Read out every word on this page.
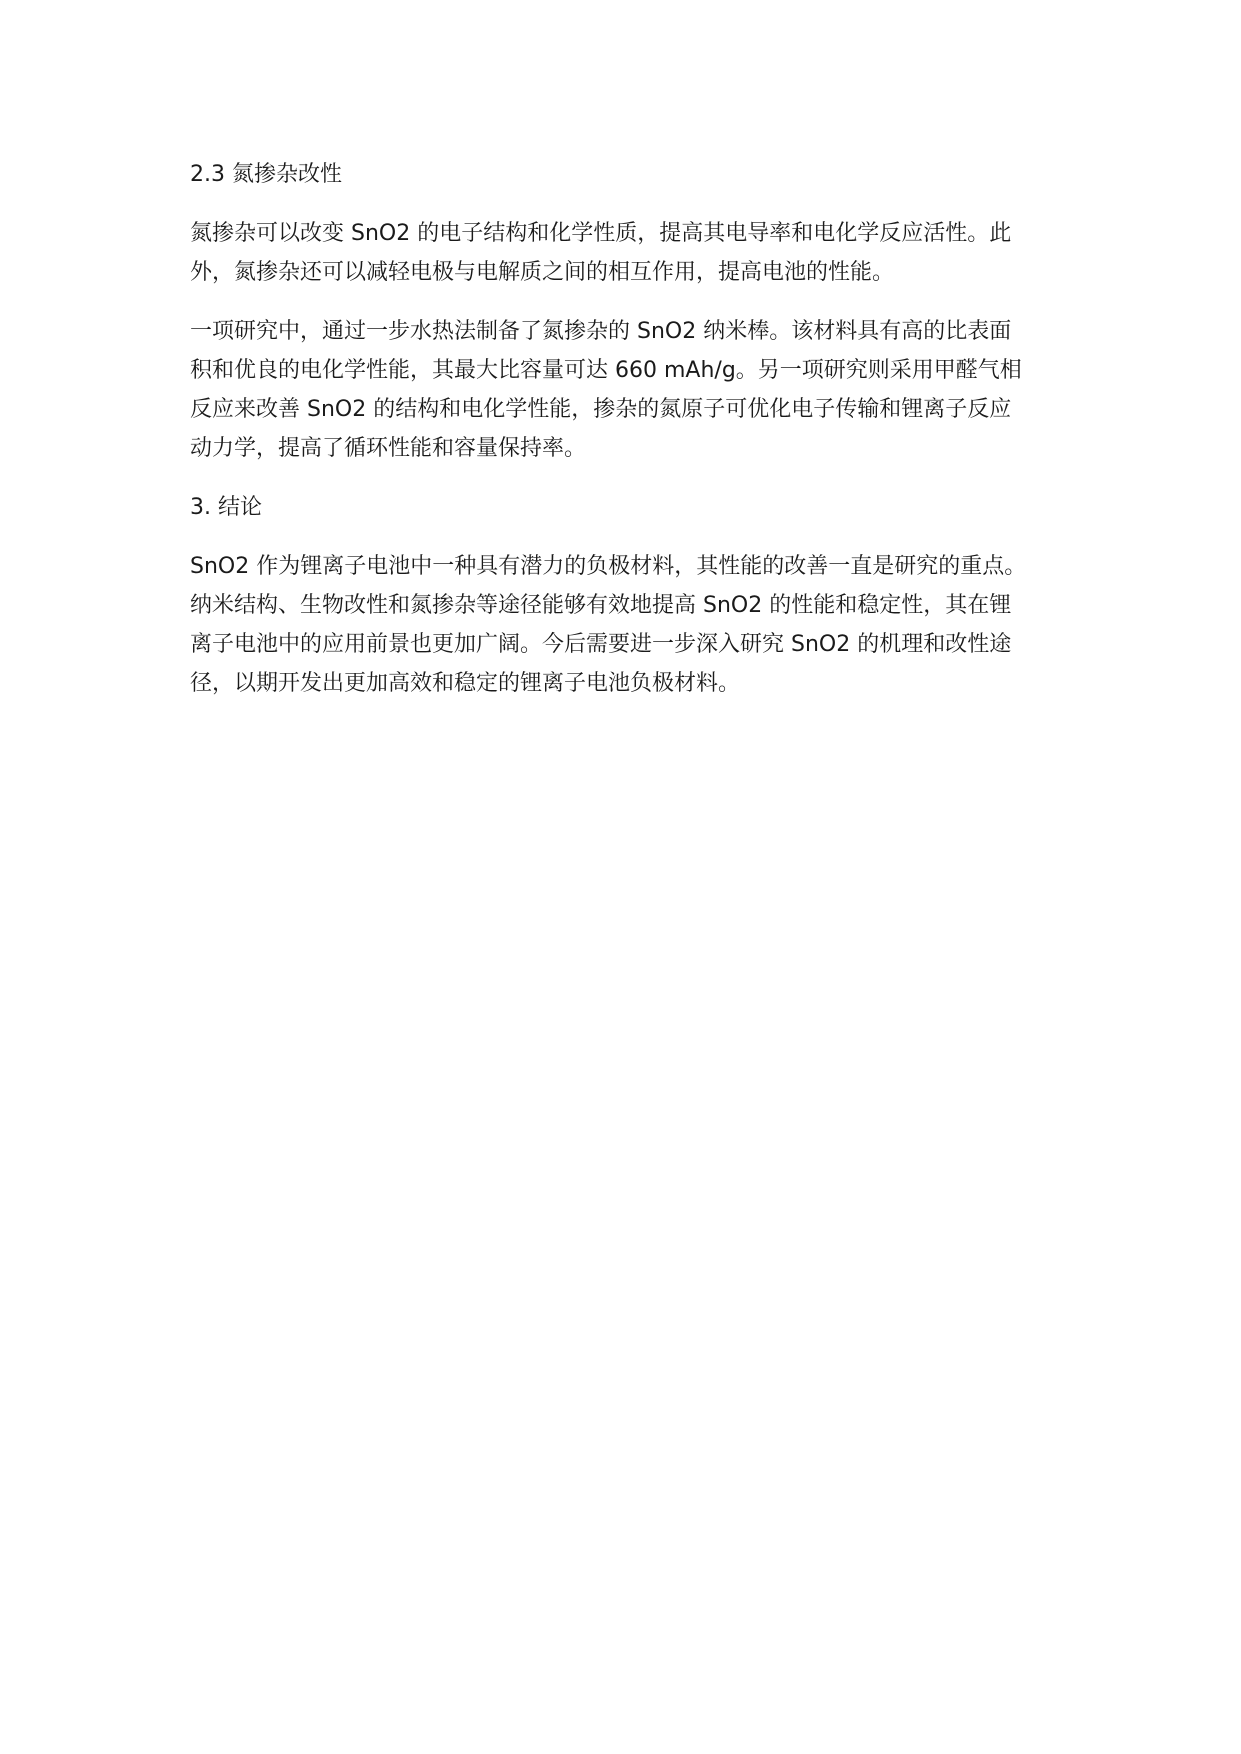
2.3 氮掺杂改性
氮掺杂可以改变 SnO2 的电子结构和化学性质，提高其电导率和电化学反应活性。此
外，氮掺杂还可以减轻电极与电解质之间的相互作用，提高电池的性能。
一项研究中，通过一步水热法制备了氮掺杂的 SnO2 纳米棒。该材料具有高的比表面
积和优良的电化学性能，其最大比容量可达 660 mAh/g。另一项研究则采用甲醛气相
反应来改善 SnO2 的结构和电化学性能，掺杂的氮原子可优化电子传输和锂离子反应
动力学，提高了循环性能和容量保持率。
3. 结论
SnO2 作为锂离子电池中一种具有潜力的负极材料，其性能的改善一直是研究的重点。
纳米结构、生物改性和氮掺杂等途径能够有效地提高 SnO2 的性能和稳定性，其在锂
离子电池中的应用前景也更加广阔。今后需要进一步深入研究 SnO2 的机理和改性途
径，以期开发出更加高效和稳定的锂离子电池负极材料。
